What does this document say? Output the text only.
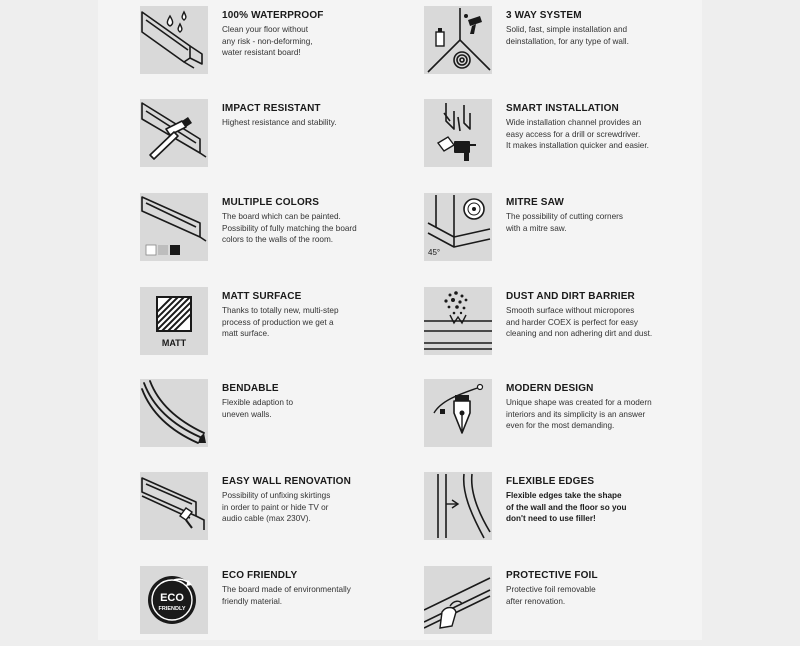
100% WATERPROOF
Clean your floor without
any risk - non-deforming,
water resistant board!
IMPACT RESISTANT
Highest resistance and stability.
MULTIPLE COLORS
The board which can be painted.
Possibility of fully matching the board
colors to the walls of the room.
MATT
MATT SURFACE
Thanks to totally new, multi-step
process of production we get a
matt surface.
BENDABLE
Flexible adaption to
uneven walls.
EASY WALL RENOVATION
Possibility of unfixing skirtings
in order to paint or hide TV or
audio cable (max 230V).
ECO
FRIENDLY
ECO FRIENDLY
The board made of environmentally
friendly material.
3 WAY SYSTEM
Solid, fast, simple installation and
deinstallation, for any type of wall.
SMART INSTALLATION
Wide installation channel provides an
easy access for a drill or screwdriver.
It makes installation quicker and easier.
45°
MITRE SAW
The possibility of cutting corners
with a mitre saw.
DUST AND DIRT BARRIER
Smooth surface without micropores
and harder COEX is perfect for easy
cleaning and non adhering dirt and dust.
MODERN DESIGN
Unique shape was created for a modern
interiors and its simplicity is an answer
even for the most demanding.
FLEXIBLE EDGES
Flexible edges take the shape
of the wall and the floor so you
don't need to use filler!
PROTECTIVE FOIL
Protective foil removable
after renovation.
